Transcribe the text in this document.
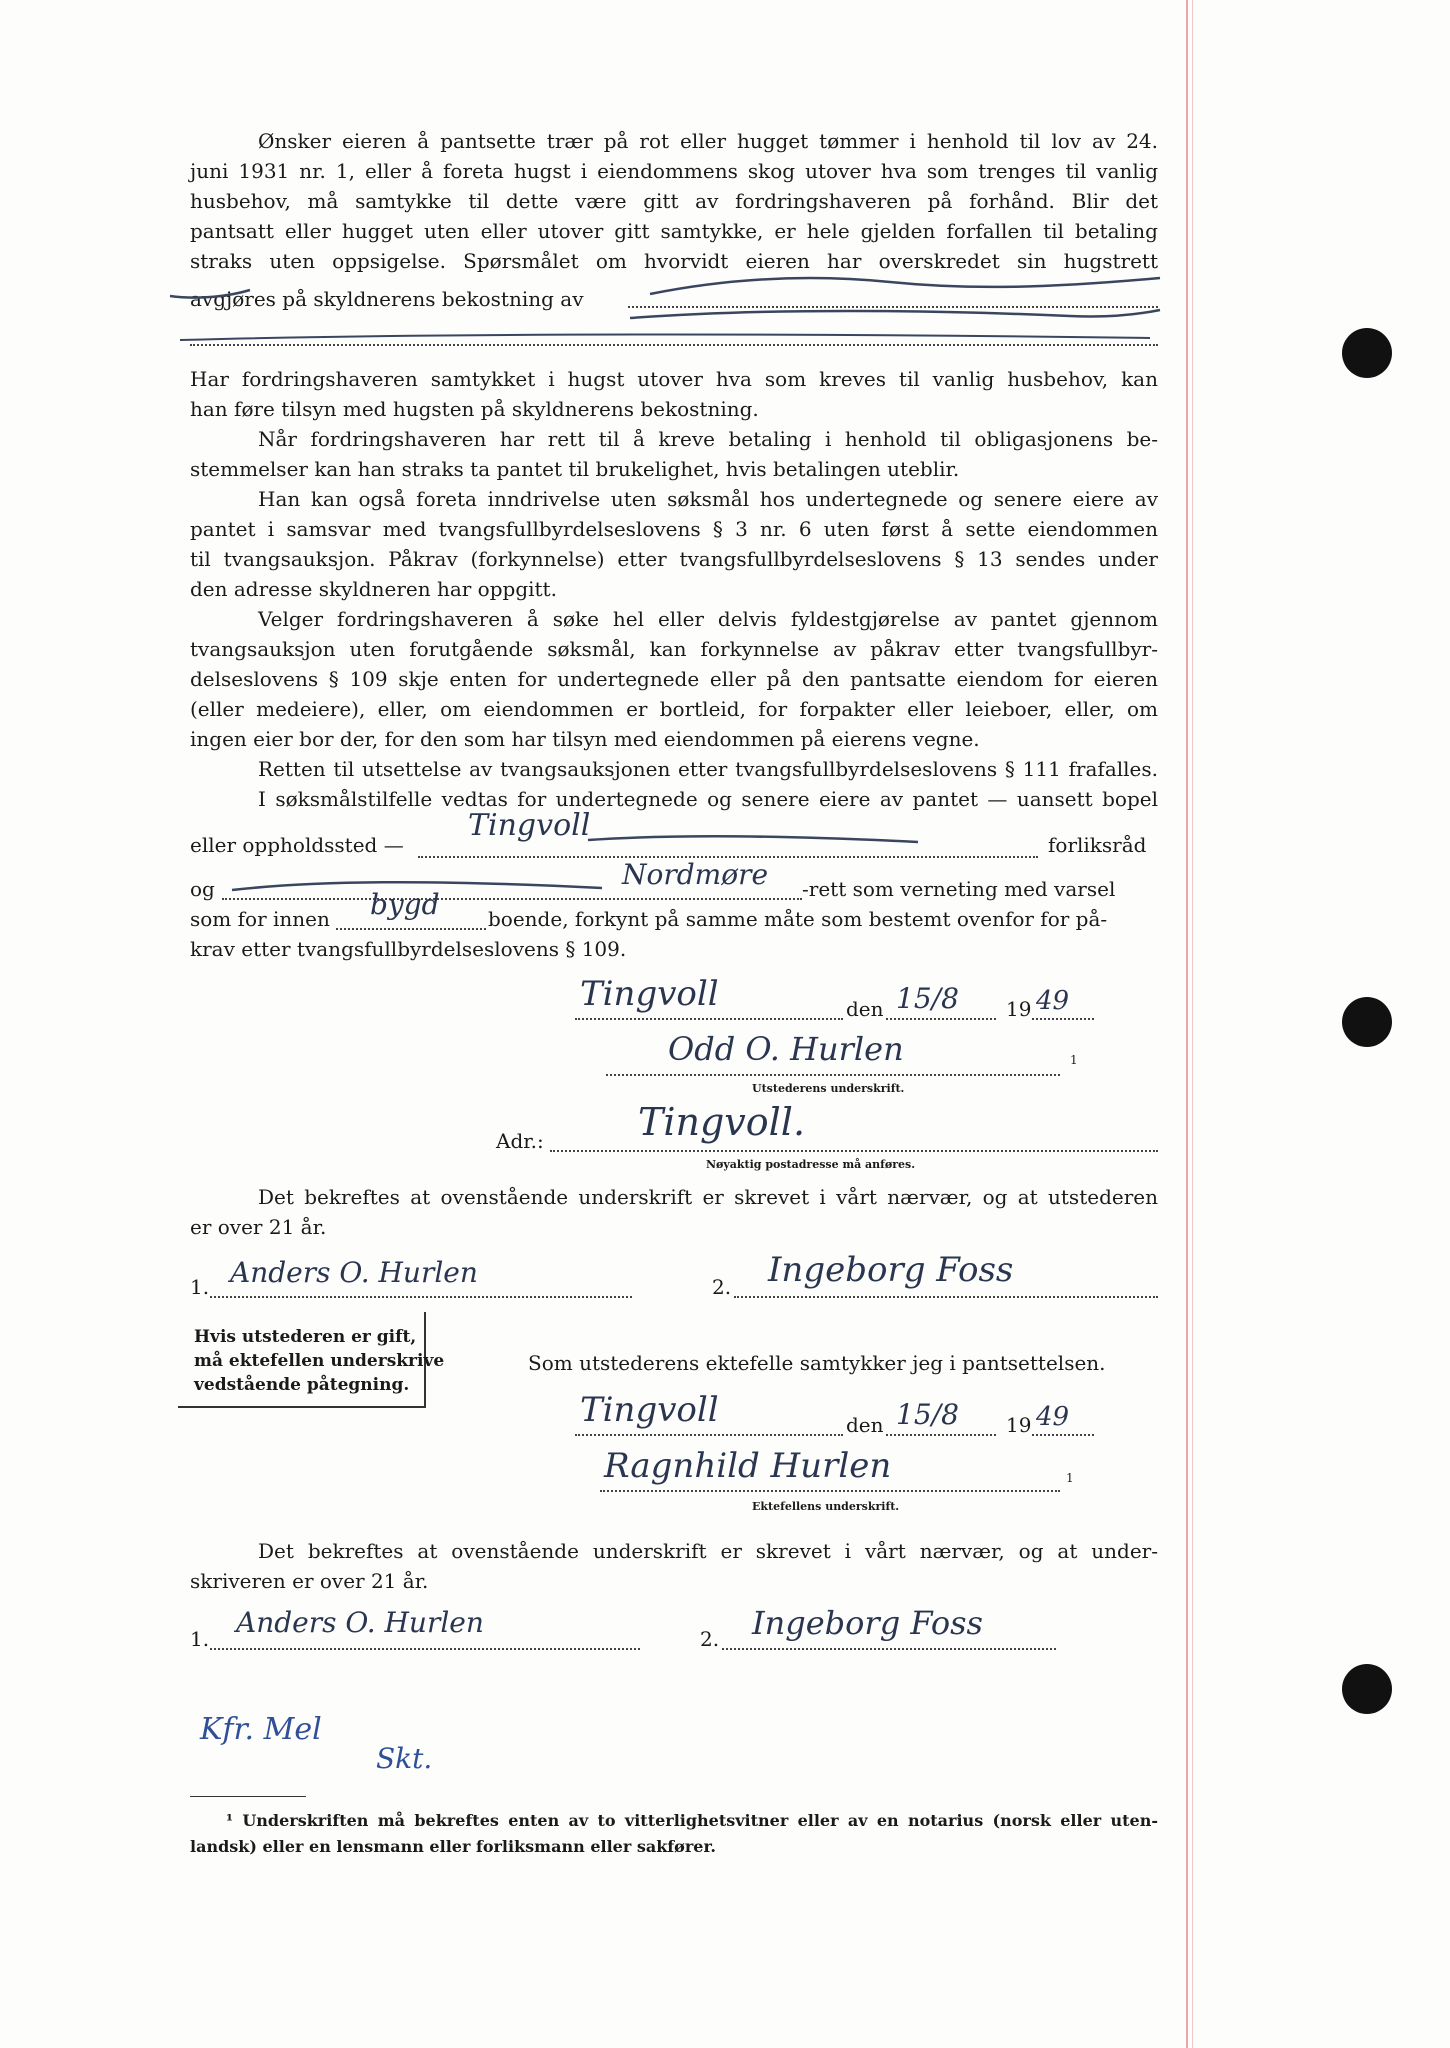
Ønsker eieren å pantsette trær på rot eller hugget tømmer i henhold til lov av 24.
juni 1931 nr. 1, eller å foreta hugst i eiendommens skog utover hva som trenges til vanlig
husbehov, må samtykke til dette være gitt av fordringshaveren på forhånd. Blir det
pantsatt eller hugget uten eller utover gitt samtykke, er hele gjelden forfallen til betaling
straks uten oppsigelse. Spørsmålet om hvorvidt eieren har overskredet sin hugstrett
avgjøres på skyldnerens bekostning av
Har fordringshaveren samtykket i hugst utover hva som kreves til vanlig husbehov, kan
han føre tilsyn med hugsten på skyldnerens bekostning.
Når fordringshaveren har rett til å kreve betaling i henhold til obligasjonens be-
stemmelser kan han straks ta pantet til brukelighet, hvis betalingen uteblir.
Han kan også foreta inndrivelse uten søksmål hos undertegnede og senere eiere av
pantet i samsvar med tvangsfullbyrdelseslovens § 3 nr. 6 uten først å sette eiendommen
til tvangsauksjon. Påkrav (forkynnelse) etter tvangsfullbyrdelseslovens § 13 sendes under
den adresse skyldneren har oppgitt.
Velger fordringshaveren å søke hel eller delvis fyldestgjørelse av pantet gjennom
tvangsauksjon uten forutgående søksmål, kan forkynnelse av påkrav etter tvangsfullbyr-
delseslovens § 109 skje enten for undertegnede eller på den pantsatte eiendom for eieren
(eller medeiere), eller, om eiendommen er bortleid, for forpakter eller leieboer, eller, om
ingen eier bor der, for den som har tilsyn med eiendommen på eierens vegne.
Retten til utsettelse av tvangsauksjonen etter tvangsfullbyrdelseslovens § 111 frafalles.
I søksmålstilfelle vedtas for undertegnede og senere eiere av pantet — uansett bopel
eller oppholdssted —
Tingvoll
forliksråd
og	Nordmøre -rett som verneting med varsel
som for innen bygd boende, forkynt på samme måte som bestemt ovenfor for på-
krav etter tvangsfullbyrdelseslovens § 109.
Tingvoll	den 15/8 19 49
Odd O. Hurlen	1
Utstederens underskrift.
Adr.: Tingvoll.
Nøyaktig postadresse må anføres.
Det bekreftes at ovenstående underskrift er skrevet i vårt nærvær, og at utstederen
er over 21 år.
1. Anders O. Hurlen	2. Ingeborg Foss
Hvis utstederen er gift,
må ektefellen underskrive
vedstående påtegning.
Som utstederens ektefelle samtykker jeg i pantsettelsen.
Tingvoll	den 15/8 19 49
Ragnhild Hurlen	1
Ektefellens underskrift.
Det bekreftes at ovenstående underskrift er skrevet i vårt nærvær, og at under-
skriveren er over 21 år.
1. Anders O. Hurlen	2. Ingeborg Foss
Kfr. Mel
Skt.
¹ Underskriften må bekreftes enten av to vitterlighetsvitner eller av en notarius (norsk eller uten-
landsk) eller en lensmann eller forliksmann eller sakfører.
